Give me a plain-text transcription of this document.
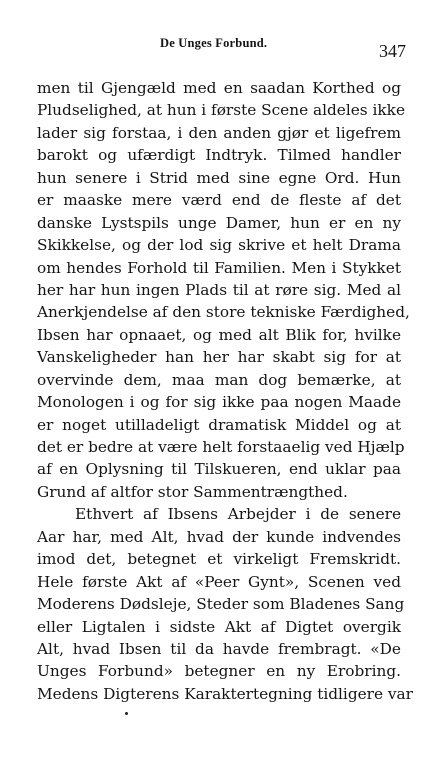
De Unges Forbund.	347
men til Gjengæld med en saadan Korthed og
Pludselighed, at hun i første Scene aldeles ikke
lader sig forstaa, i den anden gjør et ligefrem
barokt og ufærdigt Indtryk. Tilmed handler
hun senere i Strid med sine egne Ord. Hun
er maaske mere værd end de fleste af det
danske Lystspils unge Damer, hun er en ny
Skikkelse, og der lod sig skrive et helt Drama
om hendes Forhold til Familien. Men i Stykket
her har hun ingen Plads til at røre sig. Med al
Anerkjendelse af den store tekniske Færdighed,
Ibsen har opnaaet, og med alt Blik for, hvilke
Vanskeligheder han her har skabt sig for at
overvinde dem, maa man dog bemærke, at
Monologen i og for sig ikke paa nogen Maade
er noget utilladeligt dramatisk Middel og at
det er bedre at være helt forstaaelig ved Hjælp
af en Oplysning til Tilskueren, end uklar paa
Grund af altfor stor Sammentrængthed.
Ethvert af Ibsens Arbejder i de senere
Aar har, med Alt, hvad der kunde indvendes
imod det, betegnet et virkeligt Fremskridt.
Hele første Akt af «Peer Gynt», Scenen ved
Moderens Dødsleje, Steder som Bladenes Sang
eller Ligtalen i sidste Akt af Digtet overgik
Alt, hvad Ibsen til da havde frembragt. «De
Unges Forbund» betegner en ny Erobring.
Medens Digterens Karaktertegning tidligere var
